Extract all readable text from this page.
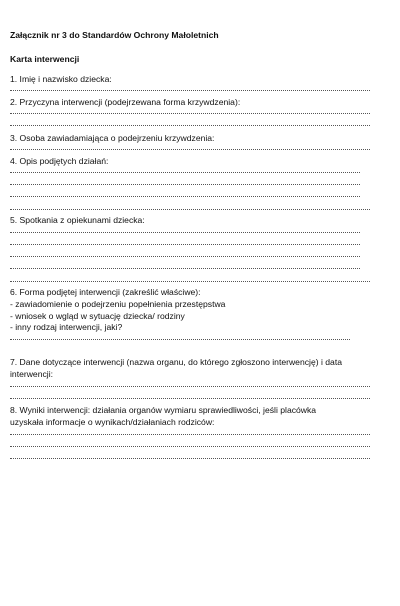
Załącznik nr 3 do Standardów Ochrony Małoletnich
Karta interwencji
1. Imię i nazwisko dziecka:
2. Przyczyna interwencji (podejrzewana forma krzywdzenia):
3. Osoba zawiadamiająca o podejrzeniu krzywdzenia:
4. Opis podjętych działań:
5. Spotkania z opiekunami dziecka:
6. Forma podjętej interwencji (zakreślić właściwe):
- zawiadomienie o podejrzeniu popełnienia przestępstwa
- wniosek o wgląd w sytuację dziecka/ rodziny
- inny rodzaj interwencji, jaki?
7. Dane dotyczące interwencji (nazwa organu, do którego zgłoszono interwencję) i data
interwencji:
8. Wyniki interwencji: działania organów wymiaru sprawiedliwości, jeśli placówka
uzyskała informacje o wynikach/działaniach rodziców:
